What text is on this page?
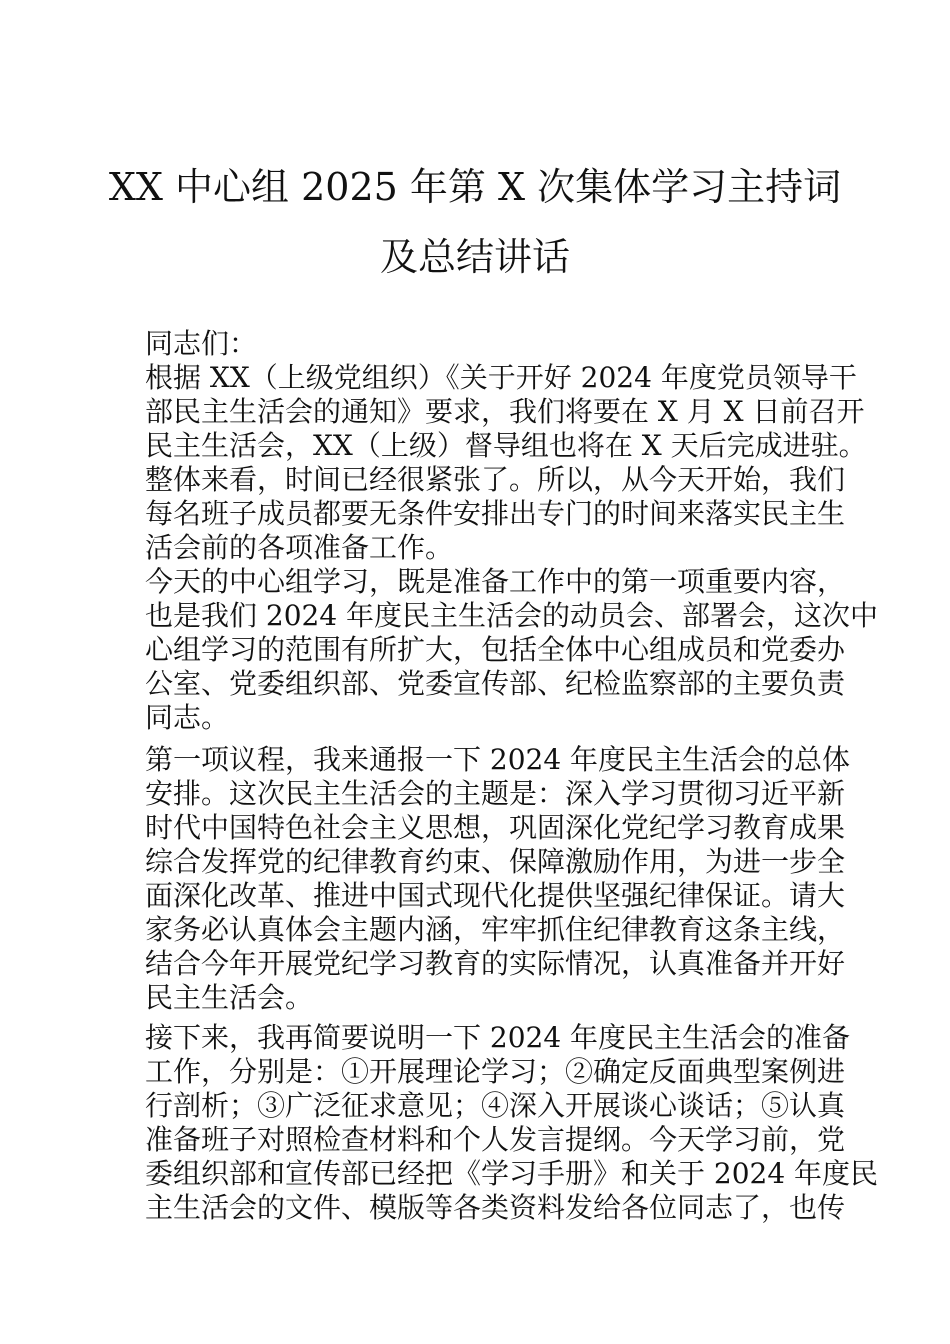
XX 中心组 2025 年第 X 次集体学习主持词
及总结讲话
同志们：
根据 XX（上级党组织）《关于开好 2024 年度党员领导干
部民主生活会的通知》要求，我们将要在 X 月 X 日前召开
民主生活会，XX（上级）督导组也将在 X 天后完成进驻。
整体来看，时间已经很紧张了。所以，从今天开始，我们
每名班子成员都要无条件安排出专门的时间来落实民主生
活会前的各项准备工作。
今天的中心组学习，既是准备工作中的第一项重要内容，
也是我们 2024 年度民主生活会的动员会、部署会，这次中
心组学习的范围有所扩大，包括全体中心组成员和党委办
公室、党委组织部、党委宣传部、纪检监察部的主要负责
同志。
第一项议程，我来通报一下 2024 年度民主生活会的总体
安排。这次民主生活会的主题是：深入学习贯彻习近平新
时代中国特色社会主义思想，巩固深化党纪学习教育成果
综合发挥党的纪律教育约束、保障激励作用，为进一步全
面深化改革、推进中国式现代化提供坚强纪律保证。请大
家务必认真体会主题内涵，牢牢抓住纪律教育这条主线，
结合今年开展党纪学习教育的实际情况，认真准备并开好
民主生活会。
接下来，我再简要说明一下 2024 年度民主生活会的准备
工作，分别是：①开展理论学习；②确定反面典型案例进
行剖析；③广泛征求意见；④深入开展谈心谈话；⑤认真
准备班子对照检查材料和个人发言提纲。今天学习前，党
委组织部和宣传部已经把《学习手册》和关于 2024 年度民
主生活会的文件、模版等各类资料发给各位同志了，也传
